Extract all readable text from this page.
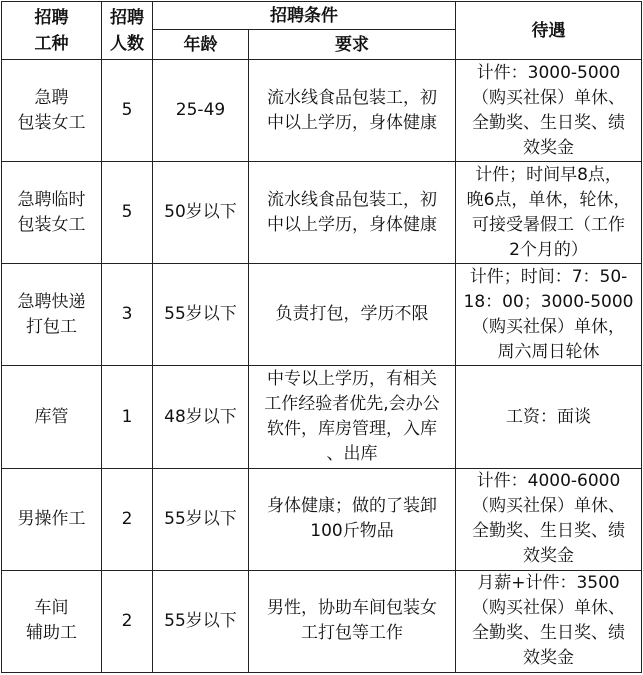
招聘
工种	招聘
人数	招聘条件		待遇

		年龄	要求	

急聘
包装女工	5	25-49	流水线食品包装工，初
中以上学历，身体健康	计件：3000-5000
（购买社保）单休、
全勤奖、生日奖、绩
效奖金

急聘临时
包装女工	5	50岁以下	流水线食品包装工，初
中以上学历，身体健康	计件；时间早8点，
晚6点，单休，轮休，
可接受暑假工（工作
2个月的）

急聘快递
打包工	3	55岁以下	负责打包，学历不限	计件；时间：7：50-
18：00；3000-5000
（购买社保）单休，
周六周日轮休

库管	1	48岁以下	中专以上学历，有相关
工作经验者优先,会办公
软件，库房管理，入库
、出库	工资：面谈

男操作工	2	55岁以下	身体健康；做的了装卸
100斤物品	计件：4000-6000
（购买社保）单休、
全勤奖、生日奖、绩
效奖金

车间
辅助工	2	55岁以下	男性，协助车间包装女
工打包等工作	月薪+计件：3500
（购买社保）单休、
全勤奖、生日奖、绩
效奖金
